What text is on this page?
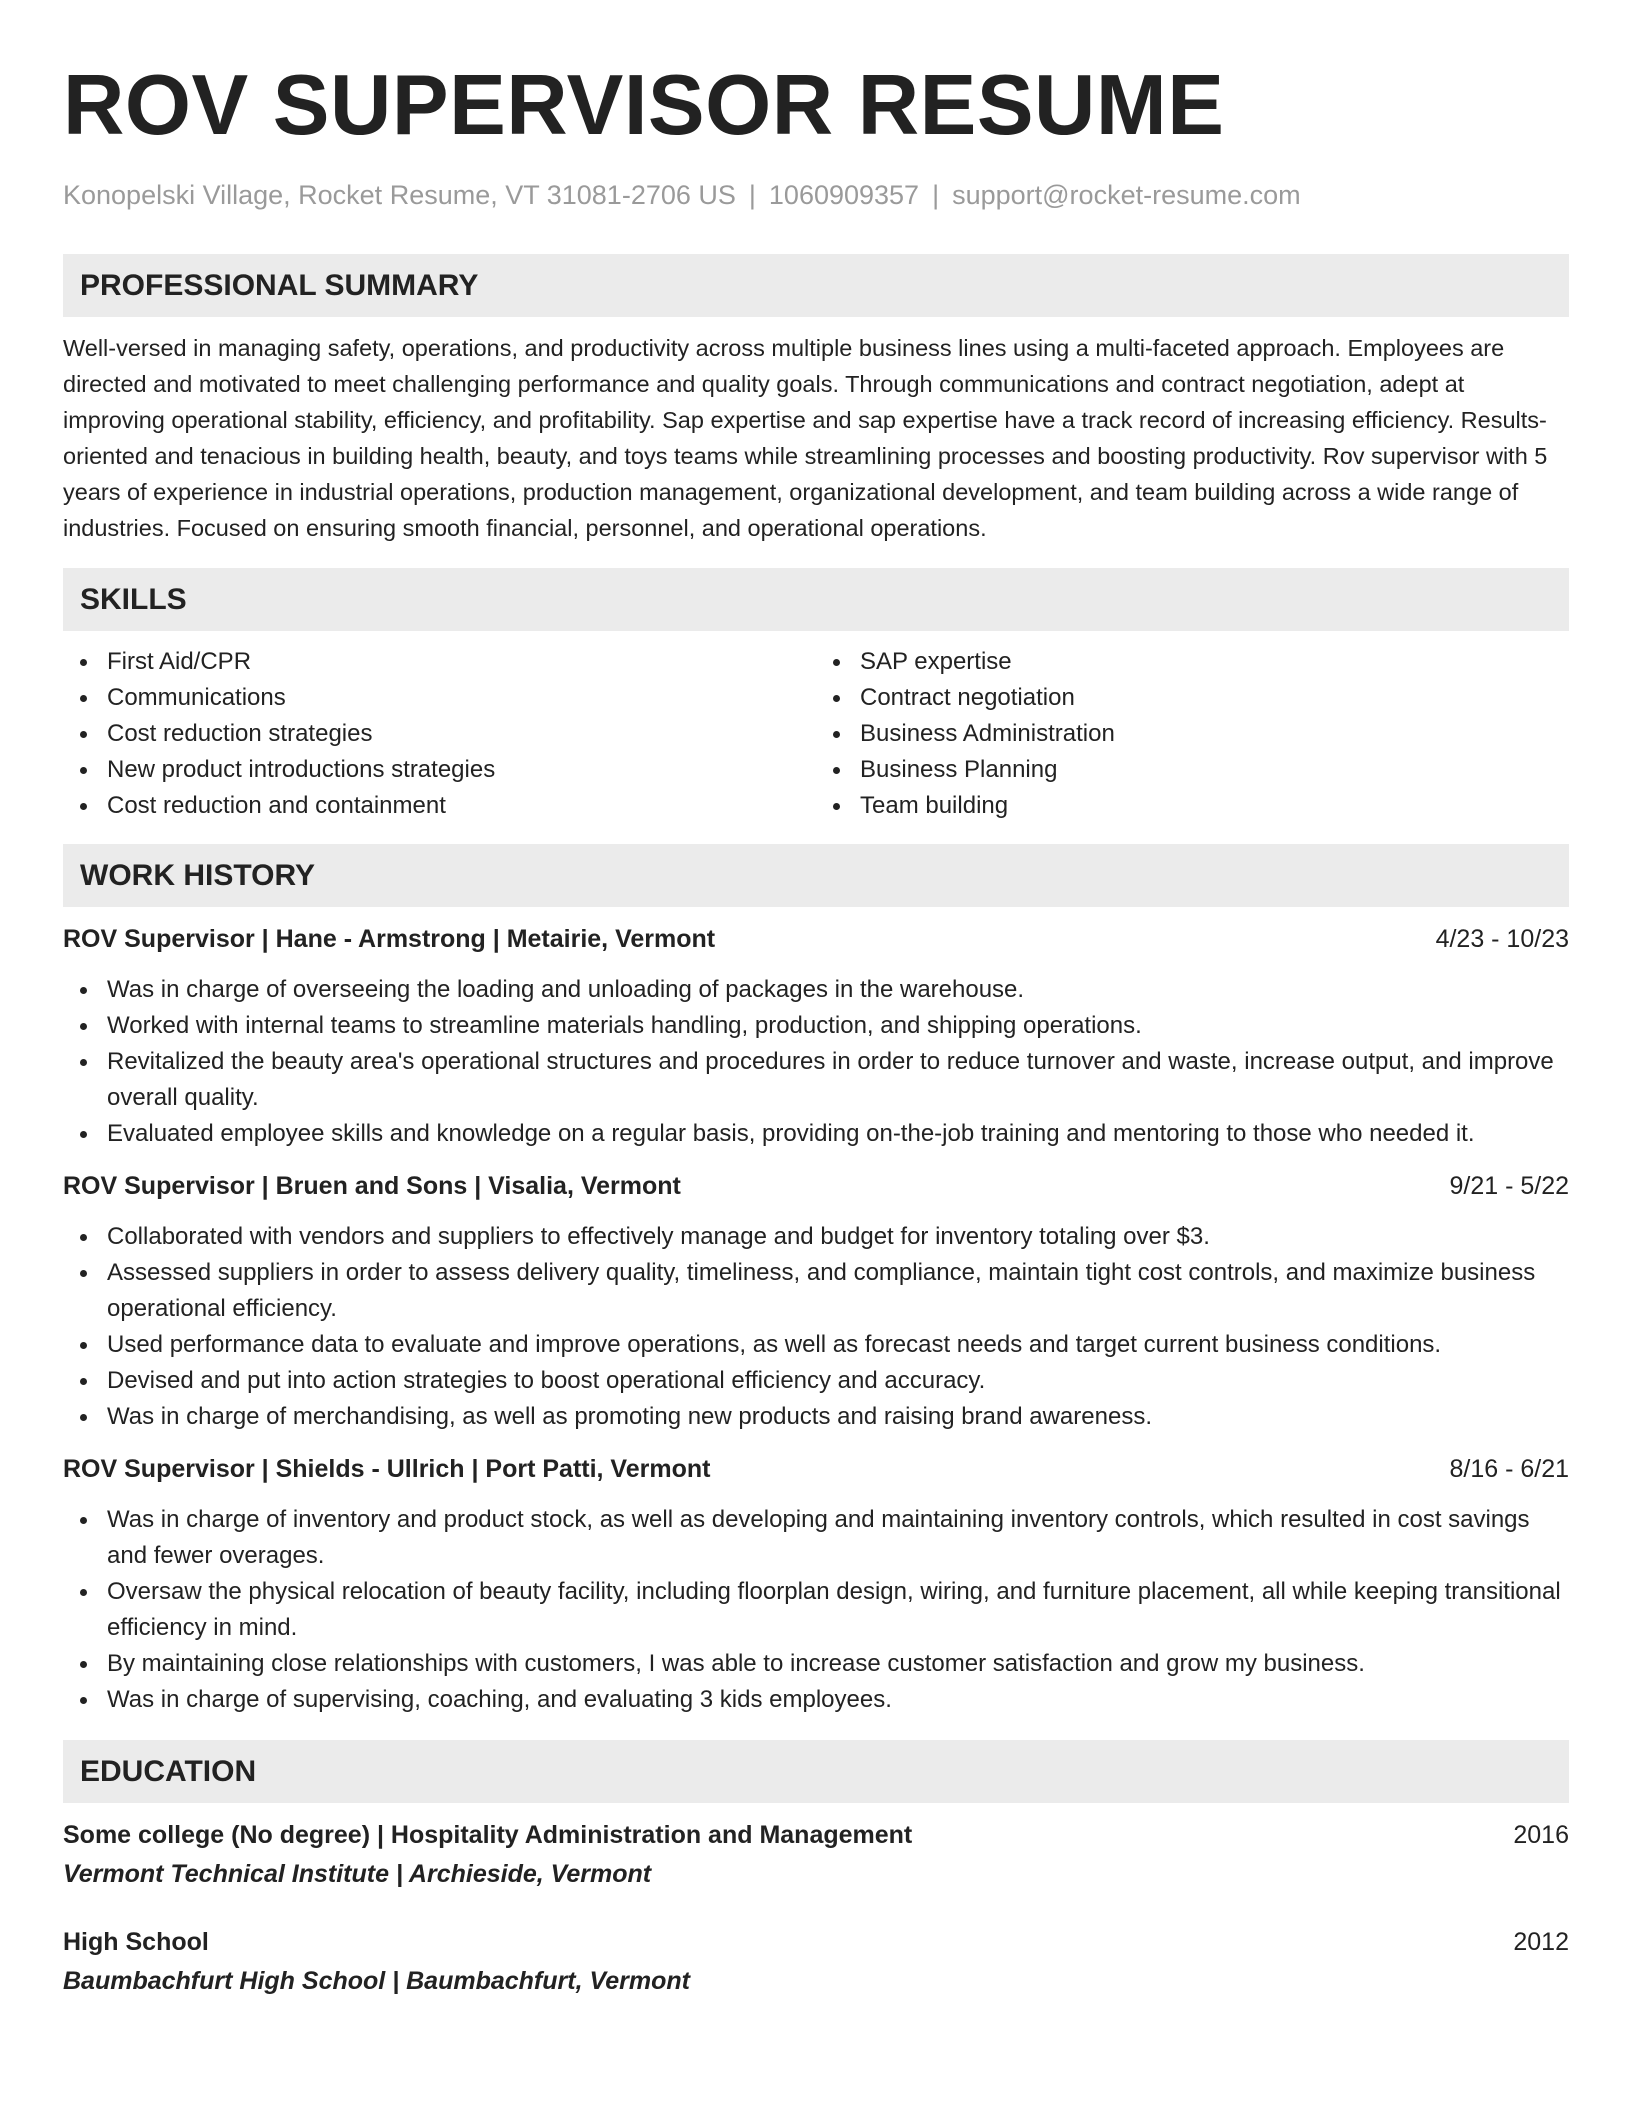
ROV SUPERVISOR RESUME
Konopelski Village, Rocket Resume, VT 31081-2706 US | 1060909357 | support@rocket-resume.com
PROFESSIONAL SUMMARY

Well-versed in managing safety, operations, and productivity across multiple business lines using a multi-faceted approach. Employees are directed and motivated to meet challenging performance and quality goals. Through communications and contract negotiation, adept at improving operational stability, efficiency, and profitability. Sap expertise and sap expertise have a track record of increasing efficiency. Results-oriented and tenacious in building health, beauty, and toys teams while streamlining processes and boosting productivity. Rov supervisor with 5 years of experience in industrial operations, production management, organizational development, and team building across a wide range of industries. Focused on ensuring smooth financial, personnel, and operational operations.

SKILLS
First Aid/CPR
Communications
Cost reduction strategies
New product introductions strategies
Cost reduction and containment
SAP expertise
Contract negotiation
Business Administration
Business Planning
Team building
WORK HISTORY
ROV Supervisor | Hane - Armstrong | Metairie, Vermont	4/23 - 10/23
Was in charge of overseeing the loading and unloading of packages in the warehouse.
Worked with internal teams to streamline materials handling, production, and shipping operations.
Revitalized the beauty area's operational structures and procedures in order to reduce turnover and waste, increase output, and improve overall quality.
Evaluated employee skills and knowledge on a regular basis, providing on-the-job training and mentoring to those who needed it.
ROV Supervisor | Bruen and Sons | Visalia, Vermont	9/21 - 5/22
Collaborated with vendors and suppliers to effectively manage and budget for inventory totaling over $3.
Assessed suppliers in order to assess delivery quality, timeliness, and compliance, maintain tight cost controls, and maximize business operational efficiency.
Used performance data to evaluate and improve operations, as well as forecast needs and target current business conditions.
Devised and put into action strategies to boost operational efficiency and accuracy.
Was in charge of merchandising, as well as promoting new products and raising brand awareness.
ROV Supervisor | Shields - Ullrich | Port Patti, Vermont	8/16 - 6/21
Was in charge of inventory and product stock, as well as developing and maintaining inventory controls, which resulted in cost savings and fewer overages.
Oversaw the physical relocation of beauty facility, including floorplan design, wiring, and furniture placement, all while keeping transitional efficiency in mind.
By maintaining close relationships with customers, I was able to increase customer satisfaction and grow my business.
Was in charge of supervising, coaching, and evaluating 3 kids employees.
EDUCATION
Some college (No degree) | Hospitality Administration and Management	2016
Vermont Technical Institute | Archieside, Vermont
High School	2012
Baumbachfurt High School | Baumbachfurt, Vermont
